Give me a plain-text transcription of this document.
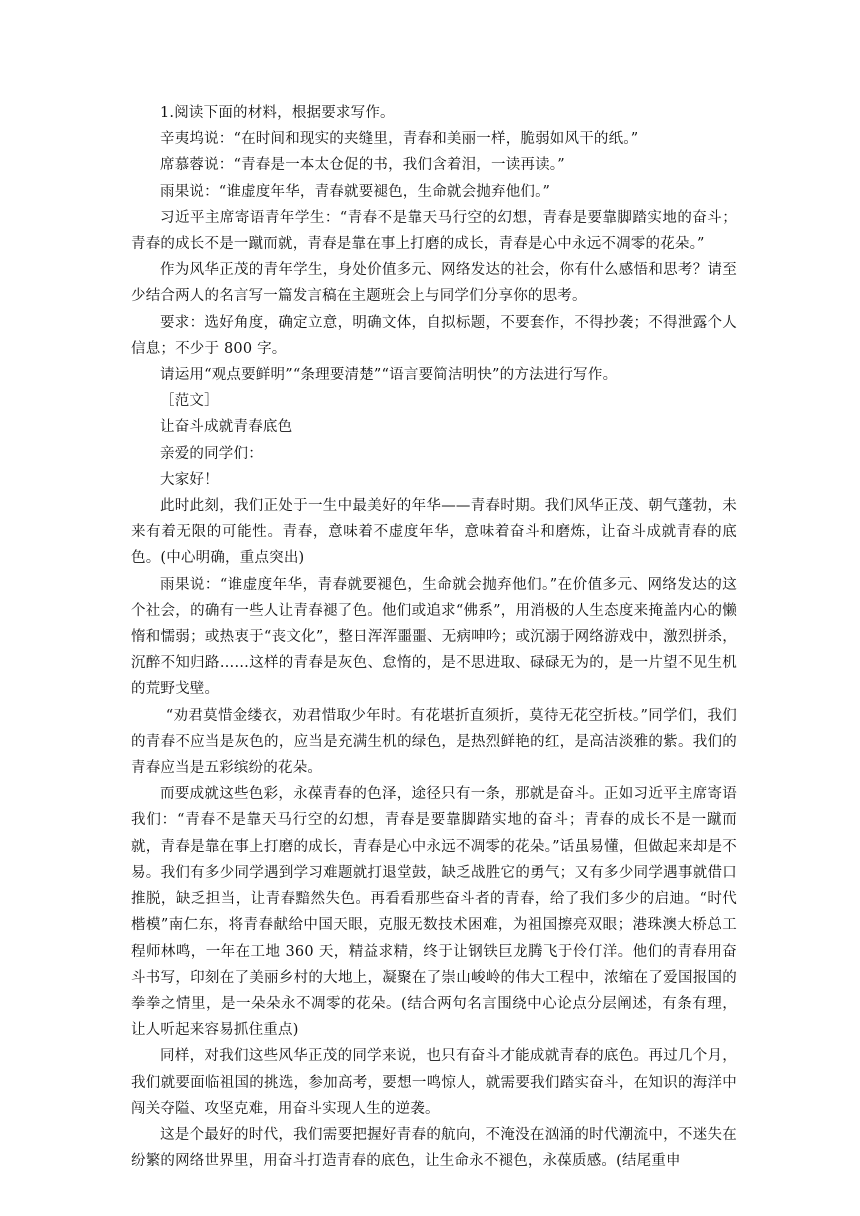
1.阅读下面的材料，根据要求写作。

辛夷坞说：“在时间和现实的夹缝里，青春和美丽一样，脆弱如风干的纸。”

席慕蓉说：“青春是一本太仓促的书，我们含着泪，一读再读。”

雨果说：“谁虚度年华，青春就要褪色，生命就会抛弃他们。”

习近平主席寄语青年学生：“青春不是靠天马行空的幻想，青春是要靠脚踏实地的奋斗；青春的成长不是一蹴而就，青春是靠在事上打磨的成长，青春是心中永远不凋零的花朵。”

作为风华正茂的青年学生，身处价值多元、网络发达的社会，你有什么感悟和思考？请至少结合两人的名言写一篇发言稿在主题班会上与同学们分享你的思考。

要求：选好角度，确定立意，明确文体，自拟标题，不要套作，不得抄袭；不得泄露个人信息；不少于 800 字。

请运用“观点要鲜明”“条理要清楚”“语言要简洁明快”的方法进行写作。

［范文］

让奋斗成就青春底色

亲爱的同学们：

大家好！

此时此刻，我们正处于一生中最美好的年华——青春时期。我们风华正茂、朝气蓬勃，未来有着无限的可能性。青春，意味着不虚度年华，意味着奋斗和磨炼，让奋斗成就青春的底色。(中心明确，重点突出)

雨果说：“谁虚度年华，青春就要褪色，生命就会抛弃他们。”在价值多元、网络发达的这个社会，的确有一些人让青春褪了色。他们或追求“佛系”，用消极的人生态度来掩盖内心的懒惰和懦弱；或热衷于“丧文化”，整日浑浑噩噩、无病呻吟；或沉溺于网络游戏中，激烈拼杀，沉醉不知归路……这样的青春是灰色、怠惰的，是不思进取、碌碌无为的，是一片望不见生机的荒野戈壁。

“劝君莫惜金缕衣，劝君惜取少年时。有花堪折直须折，莫待无花空折枝。”同学们，我们的青春不应当是灰色的，应当是充满生机的绿色，是热烈鲜艳的红，是高洁淡雅的紫。我们的青春应当是五彩缤纷的花朵。

而要成就这些色彩，永葆青春的色泽，途径只有一条，那就是奋斗。正如习近平主席寄语我们：“青春不是靠天马行空的幻想，青春是要靠脚踏实地的奋斗；青春的成长不是一蹴而就，青春是靠在事上打磨的成长，青春是心中永远不凋零的花朵。”话虽易懂，但做起来却是不易。我们有多少同学遇到学习难题就打退堂鼓，缺乏战胜它的勇气；又有多少同学遇事就借口推脱，缺乏担当，让青春黯然失色。再看看那些奋斗者的青春，给了我们多少的启迪。“时代楷模”南仁东，将青春献给中国天眼，克服无数技术困难，为祖国擦亮双眼；港珠澳大桥总工程师林鸣，一年在工地 360 天，精益求精，终于让钢铁巨龙腾飞于伶仃洋。他们的青春用奋斗书写，印刻在了美丽乡村的大地上，凝聚在了崇山峻岭的伟大工程中，浓缩在了爱国报国的拳拳之情里，是一朵朵永不凋零的花朵。(结合两句名言围绕中心论点分层阐述，有条有理，让人听起来容易抓住重点)

同样，对我们这些风华正茂的同学来说，也只有奋斗才能成就青春的底色。再过几个月，我们就要面临祖国的挑选，参加高考，要想一鸣惊人，就需要我们踏实奋斗，在知识的海洋中闯关夺隘、攻坚克难，用奋斗实现人生的逆袭。

这是个最好的时代，我们需要把握好青春的航向，不淹没在汹涌的时代潮流中，不迷失在纷繁的网络世界里，用奋斗打造青春的底色，让生命永不褪色，永葆质感。(结尾重申
